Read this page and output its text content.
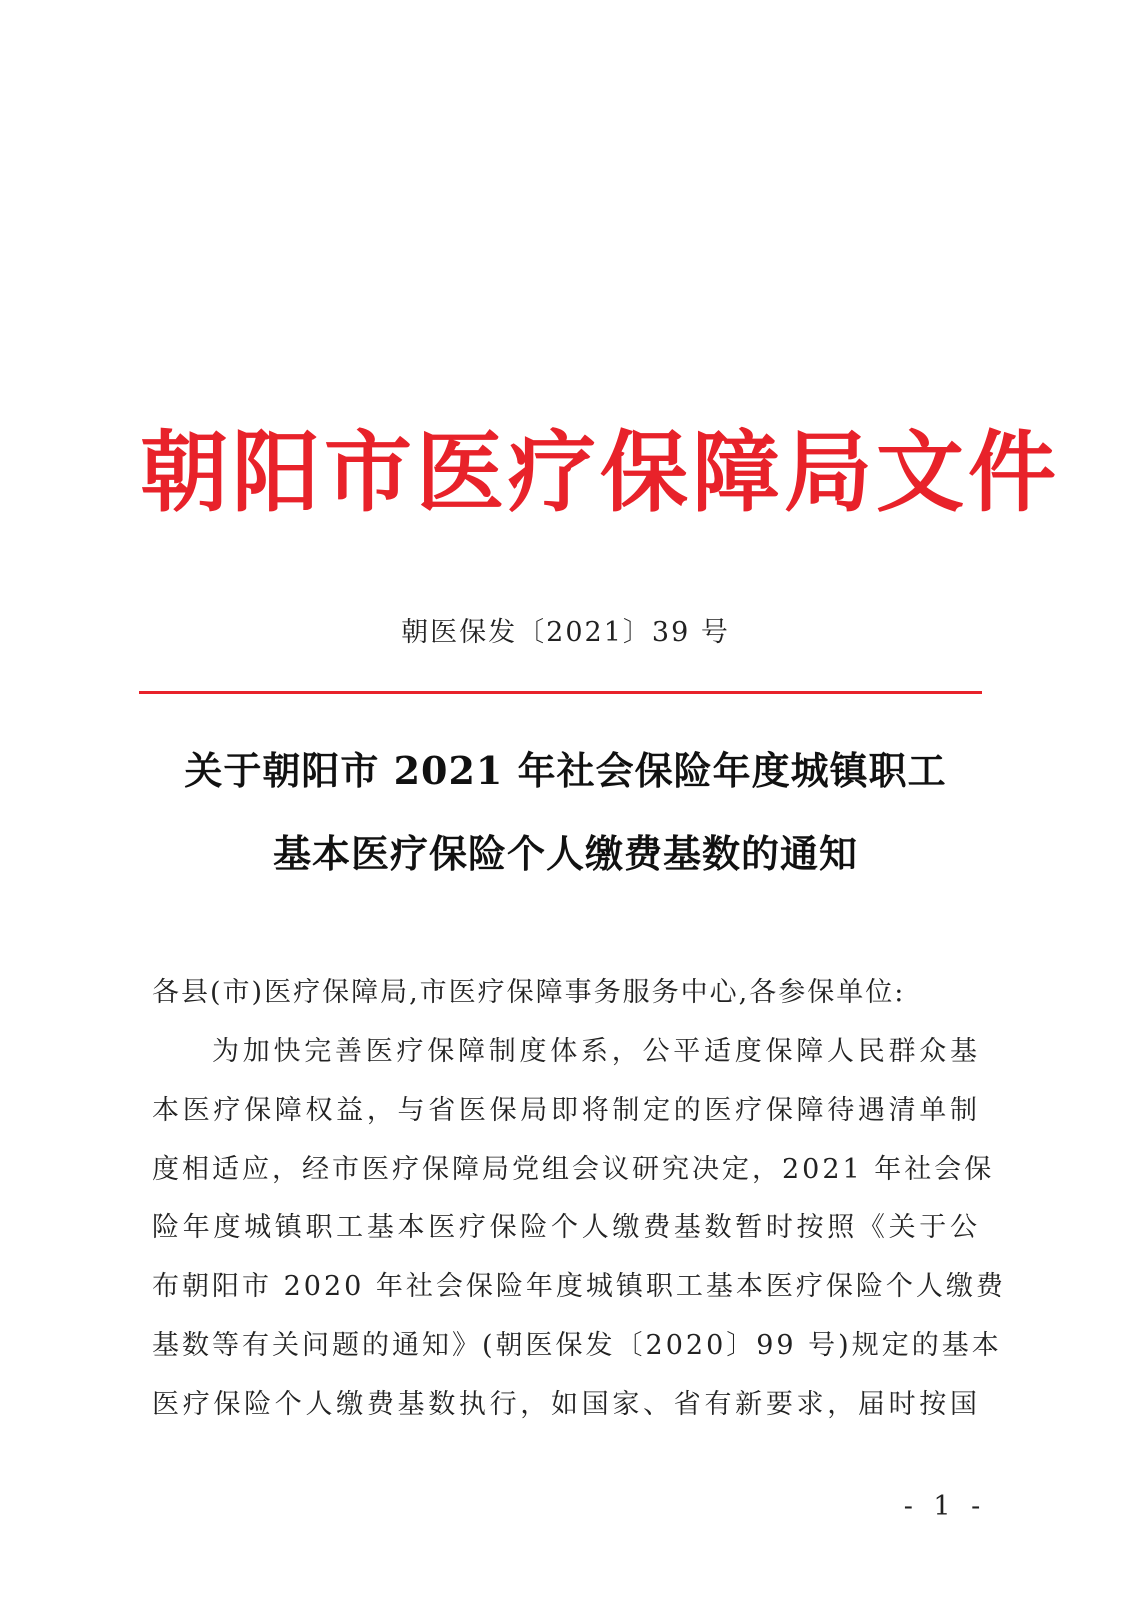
朝阳市医疗保障局文件
朝医保发〔2021〕39 号
关于朝阳市 2021 年社会保险年度城镇职工
基本医疗保险个人缴费基数的通知
各县(市)医疗保障局,市医疗保障事务服务中心,各参保单位:
为加快完善医疗保障制度体系，公平适度保障人民群众基
本医疗保障权益，与省医保局即将制定的医疗保障待遇清单制
度相适应，经市医疗保障局党组会议研究决定，2021 年社会保
险年度城镇职工基本医疗保险个人缴费基数暂时按照《关于公
布朝阳市 2020 年社会保险年度城镇职工基本医疗保险个人缴费
基数等有关问题的通知》(朝医保发〔2020〕99 号)规定的基本
医疗保险个人缴费基数执行，如国家、省有新要求，届时按国
- 1 -
